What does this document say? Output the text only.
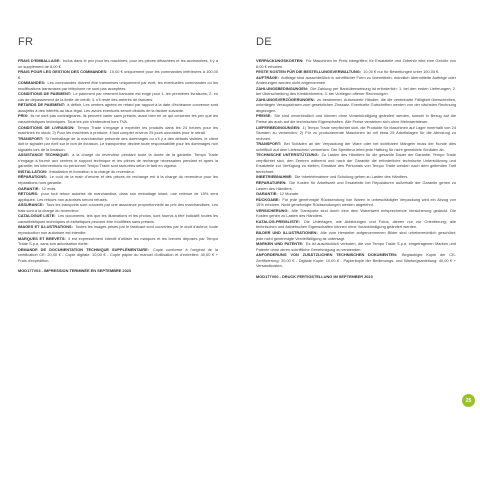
FR

FRAIS D'EMBALLAGE: inclus dans le prix pour les machines; pour les pièces détachées et les accessoires, il y a un supplément de 8,00 €.

FRAIS POUR LES GESTION DES COMMANDES: 10,00 € uniquement pour les commandes inférieures à 100,00 €.

COMMANDES: Les commandes doivent être transmises uniquement par écrit; les éventuelles commandes ou les modifications transmises par téléphone ne sont pas acceptées.

CONDITIONS DE PAIEMENT: Le paiement par virement bancaire est exigé pour 1. les premières livraisons; 2. en cas de dépassement de la limite de crédit; 3. s'il reste des arriérés de factures.

RETARDS DE PAIEMENT: à définir. Les centres agréés en retard par rapport à la date d'échéance convenue sont assujettis à des intérêts au taux légal. Les avoirs éventuels seront déduits de la facture suivante.

PRIX: ils ne sont pas contraignants, ils peuvent varier sans préavis, aussi bien en ce qui concerne les prix que les caractéristiques techniques. Tous les prix s'entendent hors TVA.

CONDITIONS DE LIVRAISON: Tempo Trade s'engage à expédier les produits dans les 24 heures pour les machines en stock; 2) Pour les machines à produire, il faut compter environ 25 jours ouvrables pour le retrait.

TRANSPORT: Si l'emballage de la marchandise présente des dommages ou s'il y a des défauts visibles, le client doit le signaler par écrit sur le bon de livraison. Le transporteur décline toute responsabilité pour les dommages non signalés lors de la livraison.

ASSISTANCE TECHNIQUE: à la charge du revendeur pendant toute la durée de la garantie. Tempo Trade s'engage à fournir aux centres le support technique et les pièces de rechange nécessaires pendant et après la garantie; les interventions du personnel Tempo Trade sont facturées selon le tarif en vigueur.

INSTALLATION: Installation et formation à la charge du revendeur.

RÉPARATIONS: Le coût de la main d'œuvre et des pièces de rechange est à la charge du revendeur pour les réparations hors garantie.

GARANTIE: 12 mois.

RETOURS: pour tout retour autorisé de marchandise, dans son emballage intact, une retenue de 15% sera appliquée. Les retours non autorisés seront refusés.

ASSURANCE: Tous les transports sont couverts par une assurance proportionnelle au prix des marchandises. Les frais sont à la charge du revendeur.

CATALOGUE LISTE: Les documents, tels que les illustrations et les photos, sont fournis à titre indicatif; toutes les caractéristiques techniques et esthétiques peuvent être modifiées sans préavis.

IMAGES ET ILLUSTRATIONS: Toutes les images prises par le fabricant sont couvertes par le droit d'auteur; toute reproduction non autorisée est interdite.

MARQUES ET BREVETS: Il est expressément interdit d'utiliser les marques et les brevets déposés par Tempo Trade S.p.a. sans son autorisation écrite.

DEMANDE DE DOCUMENTATION TECHNIQUE SUPPLÉMENTAIRE: Copie conforme à l'original de la certification CE: 20,00 € - Copie digitale: 10,00 € - Copie papier du manuel d'utilisation et d'entretien: 40,00 € + Frais d'expédition.

MOD177V04 - IMPRESSION TERMINÉE EN SEPTEMBRE 2023

DE

VERPACKUNGSKOSTEN: Für Maschinen im Preis inbegriffen; für Ersatzteile und Zubehör wird eine Gebühr von 8,00 € erhoben.

FESTE KOSTEN FÜR DIE BESTELLUNGSVERWALTUNG: 10,00 € nur für Bestellungen unter 100,00 €.

AUFTRÄGE: Aufträge sind ausschließlich in schriftlicher Form zu übermitteln; mündlich übermittelte Aufträge oder Änderungen werden nicht angenommen.

ZAHLUNGSBEDINGUNGEN: Die Zahlung per Banküberweisung ist erforderlich: 1. bei den ersten Lieferungen; 2. bei Überschreitung des Kreditrahmens; 3. bei Vorliegen offener Rechnungen.

ZAHLUNGSVERZÖGERUNGEN: zu bestimmen. Autorisierte Händler, die die vereinbarte Fälligkeit überschreiten, unterliegen Verzugszinsen zum gesetzlichen Zinssatz. Eventuelle Gutschriften werden von der nächsten Rechnung abgezogen.

PREISE: Sie sind unverbindlich und können ohne Vorankündigung geändert werden, sowohl in Bezug auf die Preise als auch auf die technischen Eigenschaften. Alle Preise verstehen sich ohne Mehrwertsteuer.

LIEFERBEDINGUNGEN: 1) Tempo Trade verpflichtet sich, die Produkte für Maschinen auf Lager innerhalb von 24 Stunden zu versenden; 2) Für zu produzierende Maschinen ist mit etwa 25 Arbeitstagen für die Abholung zu rechnen.

TRANSPORT: Bei Schäden an der Verpackung der Ware oder bei sichtbaren Mängeln muss der Kunde dies schriftlich auf dem Lieferschein vermerken. Der Spediteur lehnt jede Haftung für nicht gemeldete Schäden ab.

TECHNISCHE UNTERSTÜTZUNG: Zu Lasten des Händlers für die gesamte Dauer der Garantie. Tempo Trade verpflichtet sich, den Zentren während und nach der Garantie die erforderliche technische Unterstützung und Ersatzteile zur Verfügung zu stellen; Einsätze des Personals von Tempo Trade werden nach dem geltenden Tarif berechnet.

INBETRIEBNAHME: Die Inbetriebnahme und Schulung gehen zu Lasten des Händlers.

REPARATUREN: Die Kosten für Arbeitszeit und Ersatzteile bei Reparaturen außerhalb der Garantie gehen zu Lasten des Händlers.

GARANTIE: 12 Monate.

RÜCKGABE: Für jede genehmigte Rücksendung von Waren in unbeschädigter Verpackung wird ein Abzug von 15% erhoben. Nicht genehmigte Rücksendungen werden abgelehnt.

VERSICHERUNG: Alle Transporte sind durch eine dem Warenwert entsprechende Versicherung gedeckt. Die Kosten gehen zu Lasten des Händlers.

KATALOG-PREISLISTE: Die Unterlagen, wie Abbildungen und Fotos, dienen nur zur Orientierung; alle technischen und ästhetischen Eigenschaften können ohne Vorankündigung geändert werden.

BILDER UND ILLUSTRATIONEN: Alle vom Hersteller aufgenommenen Bilder sind urheberrechtlich geschützt; jede nicht genehmigte Vervielfältigung ist untersagt.

MARKEN UND PATENTE: Es ist ausdrücklich verboten, die von Tempo Trade S.p.a. eingetragenen Marken und Patente ohne deren schriftliche Genehmigung zu verwenden.

ANFORDERUNG VON ZUSÄTZLICHEN TECHNISCHEN DOKUMENTEN: Beglaubigte Kopie der CE-Zertifizierung: 20,00 € - Digitale Kopie: 10,00 € - Papierkopie der Bedienungs- und Wartungsanleitung: 40,00 € + Versandkosten.

MOD177V00 - DRUCK FERTIGSTELLUNG IM SEPTEMBER 2023

25
